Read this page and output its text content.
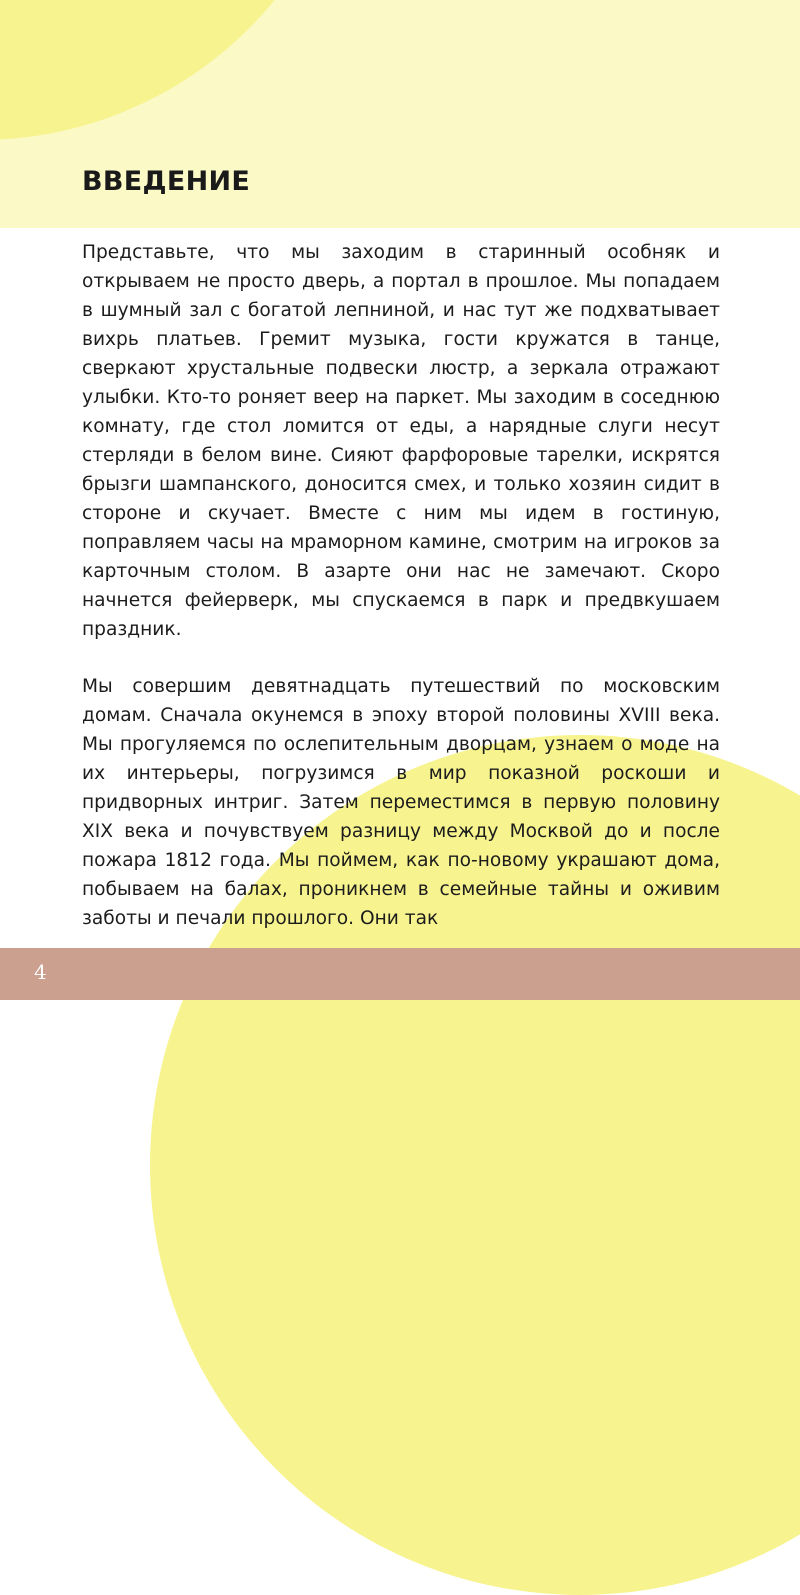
ВВЕДЕНИЕ

Представьте, что мы заходим в старинный особняк и открываем не просто дверь, а портал в прошлое. Мы попадаем в шумный зал с богатой лепниной, и нас тут же подхватывает вихрь платьев. Гремит музыка, гости кружатся в танце, сверкают хрустальные подвески люстр, а зеркала отражают улыбки. Кто-то роняет веер на паркет. Мы заходим в соседнюю комнату, где стол ломится от еды, а нарядные слуги несут стерляди в белом вине. Сияют фарфоровые тарелки, искрятся брызги шампанского, доносится смех, и только хозяин сидит в стороне и скучает. Вместе с ним мы идем в гостиную, поправляем часы на мраморном камине, смотрим на игроков за карточным столом. В азарте они нас не замечают. Скоро начнется фейерверк, мы спускаемся в парк и предвкушаем праздник.

Мы совершим девятнадцать путешествий по московским домам. Сначала окунемся в эпоху второй половины XVIII века. Мы прогуляемся по ослепительным дворцам, узнаем о моде на их интерьеры, погрузимся в мир показной роскоши и придворных интриг. Затем переместимся в первую половину XIX века и почувствуем разницу между Москвой до и после пожара 1812 года. Мы поймем, как по-новому украшают дома, побываем на балах, проникнем в семейные тайны и оживим заботы и печали прошлого. Они так

4
